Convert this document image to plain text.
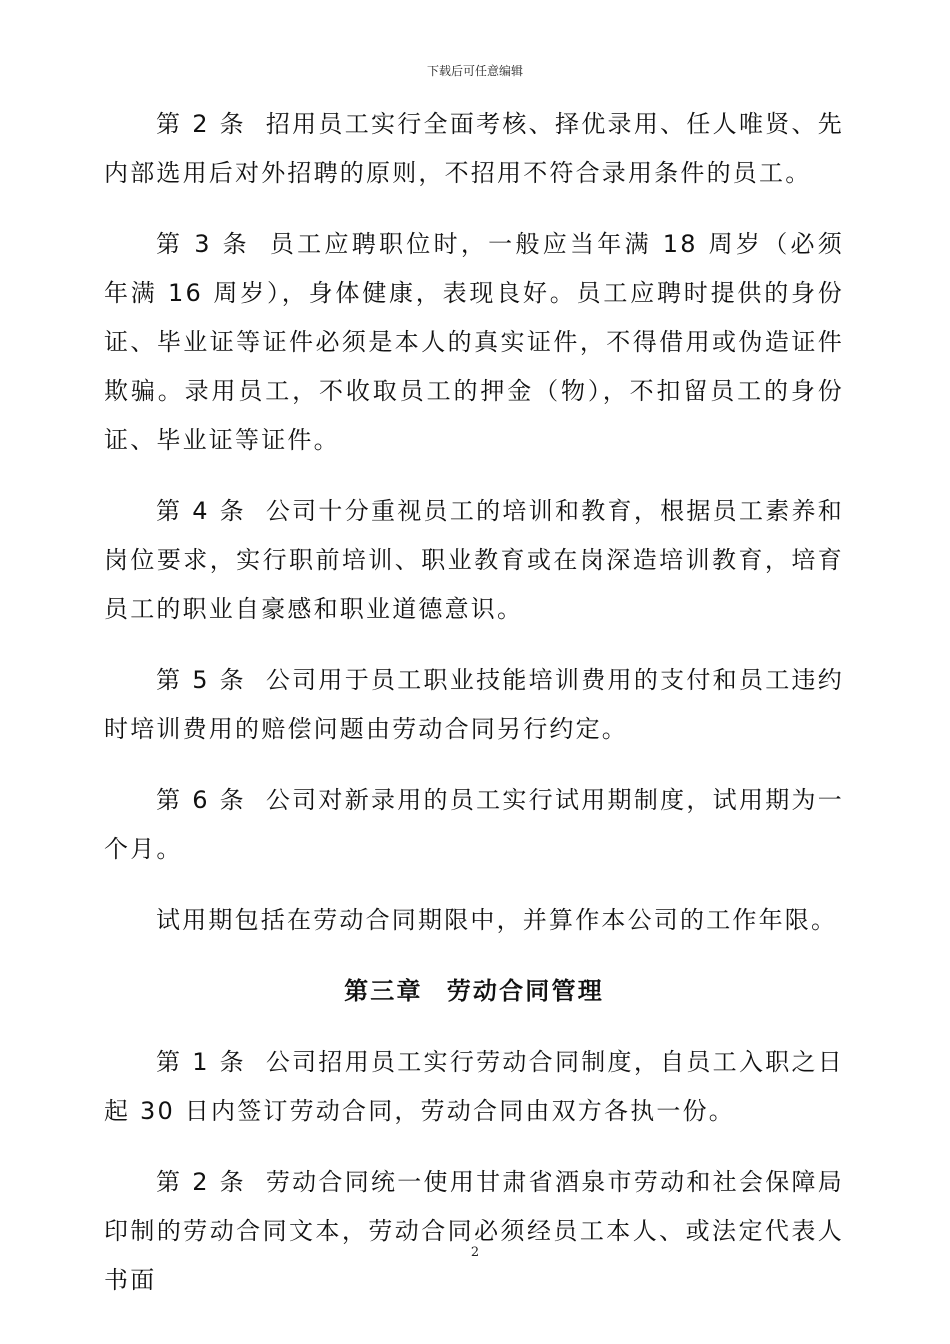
下载后可任意编辑

第 2 条 招用员工实行全面考核、择优录用、任人唯贤、先内部选用后对外招聘的原则，不招用不符合录用条件的员工。

第 3 条 员工应聘职位时，一般应当年满 18 周岁（必须年满 16 周岁），身体健康，表现良好。员工应聘时提供的身份证、毕业证等证件必须是本人的真实证件，不得借用或伪造证件欺骗。录用员工，不收取员工的押金（物），不扣留员工的身份证、毕业证等证件。

第 4 条 公司十分重视员工的培训和教育，根据员工素养和岗位要求，实行职前培训、职业教育或在岗深造培训教育，培育员工的职业自豪感和职业道德意识。

第 5 条 公司用于员工职业技能培训费用的支付和员工违约时培训费用的赔偿问题由劳动合同另行约定。

第 6 条 公司对新录用的员工实行试用期制度，试用期为一个月。

试用期包括在劳动合同期限中，并算作本公司的工作年限。

第三章 劳动合同管理

第 1 条 公司招用员工实行劳动合同制度，自员工入职之日起 30 日内签订劳动合同，劳动合同由双方各执一份。

第 2 条 劳动合同统一使用甘肃省酒泉市劳动和社会保障局印制的劳动合同文本，劳动合同必须经员工本人、或法定代表人书面

2
